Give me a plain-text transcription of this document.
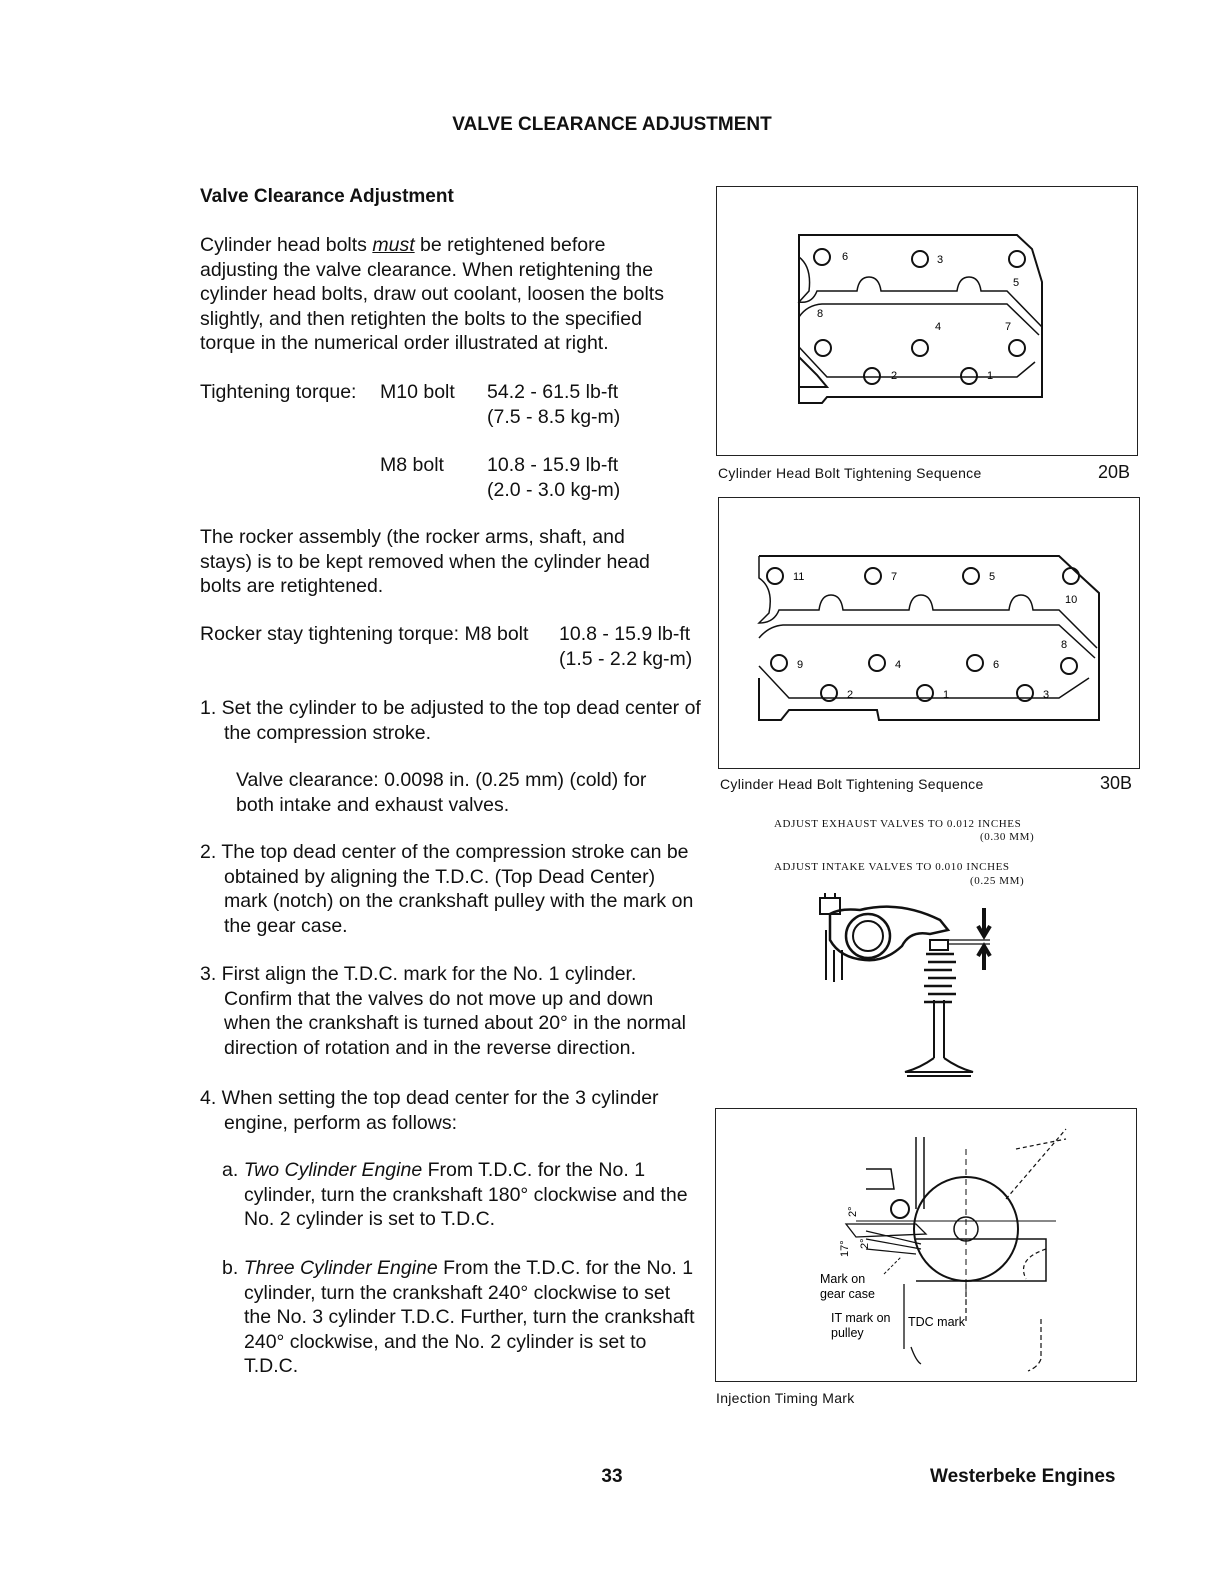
VALVE CLEARANCE ADJUSTMENT
Valve Clearance Adjustment
Cylinder head bolts must be retightened before adjusting the valve clearance. When retightening the cylinder head bolts, draw out coolant, loosen the bolts slightly, and then retighten the bolts to the specified torque in the numerical order illustrated at right.
Tightening torque: M10 bolt 54.2 - 61.5 lb-ft
(7.5 - 8.5 kg-m)
M8 bolt 10.8 - 15.9 lb-ft
(2.0 - 3.0 kg-m)
The rocker assembly (the rocker arms, shaft, and stays) is to be kept removed when the cylinder head bolts are retightened.
Rocker stay tightening torque: M8 bolt 10.8 - 15.9 lb-ft
(1.5 - 2.2 kg-m)
1. Set the cylinder to be adjusted to the top dead center of the compression stroke.
Valve clearance: 0.0098 in. (0.25 mm) (cold) for both intake and exhaust valves.
2. The top dead center of the compression stroke can be obtained by aligning the T.D.C. (Top Dead Center) mark (notch) on the crankshaft pulley with the mark on the gear case.
3. First align the T.D.C. mark for the No. 1 cylinder. Confirm that the valves do not move up and down when the crankshaft is turned about 20° in the normal direction of rotation and in the reverse direction.
4. When setting the top dead center for the 3 cylinder engine, perform as follows:
a. Two Cylinder Engine From T.D.C. for the No. 1 cylinder, turn the crankshaft 180° clockwise and the No. 2 cylinder is set to T.D.C.
b. Three Cylinder Engine From the T.D.C. for the No. 1 cylinder, turn the crankshaft 240° clockwise to set the No. 3 cylinder T.D.C. Further, turn the crankshaft 240° clockwise, and the No. 2 cylinder is set to T.D.C.
6	3
5
8
4	7
2	1
Cylinder Head Bolt Tightening Sequence	20B
11	7	5
10
8
9	4	6
2	1	3
Cylinder Head Bolt Tightening Sequence	30B
ADJUST EXHAUST VALVES TO 0.012 INCHES
(0.30 MM)
ADJUST INTAKE VALVES TO 0.010 INCHES
(0.25 MM)
2°
17° 2°
Mark on
gear case
IT mark on
pulley
TDC mark
Injection Timing Mark
33	Westerbeke Engines
